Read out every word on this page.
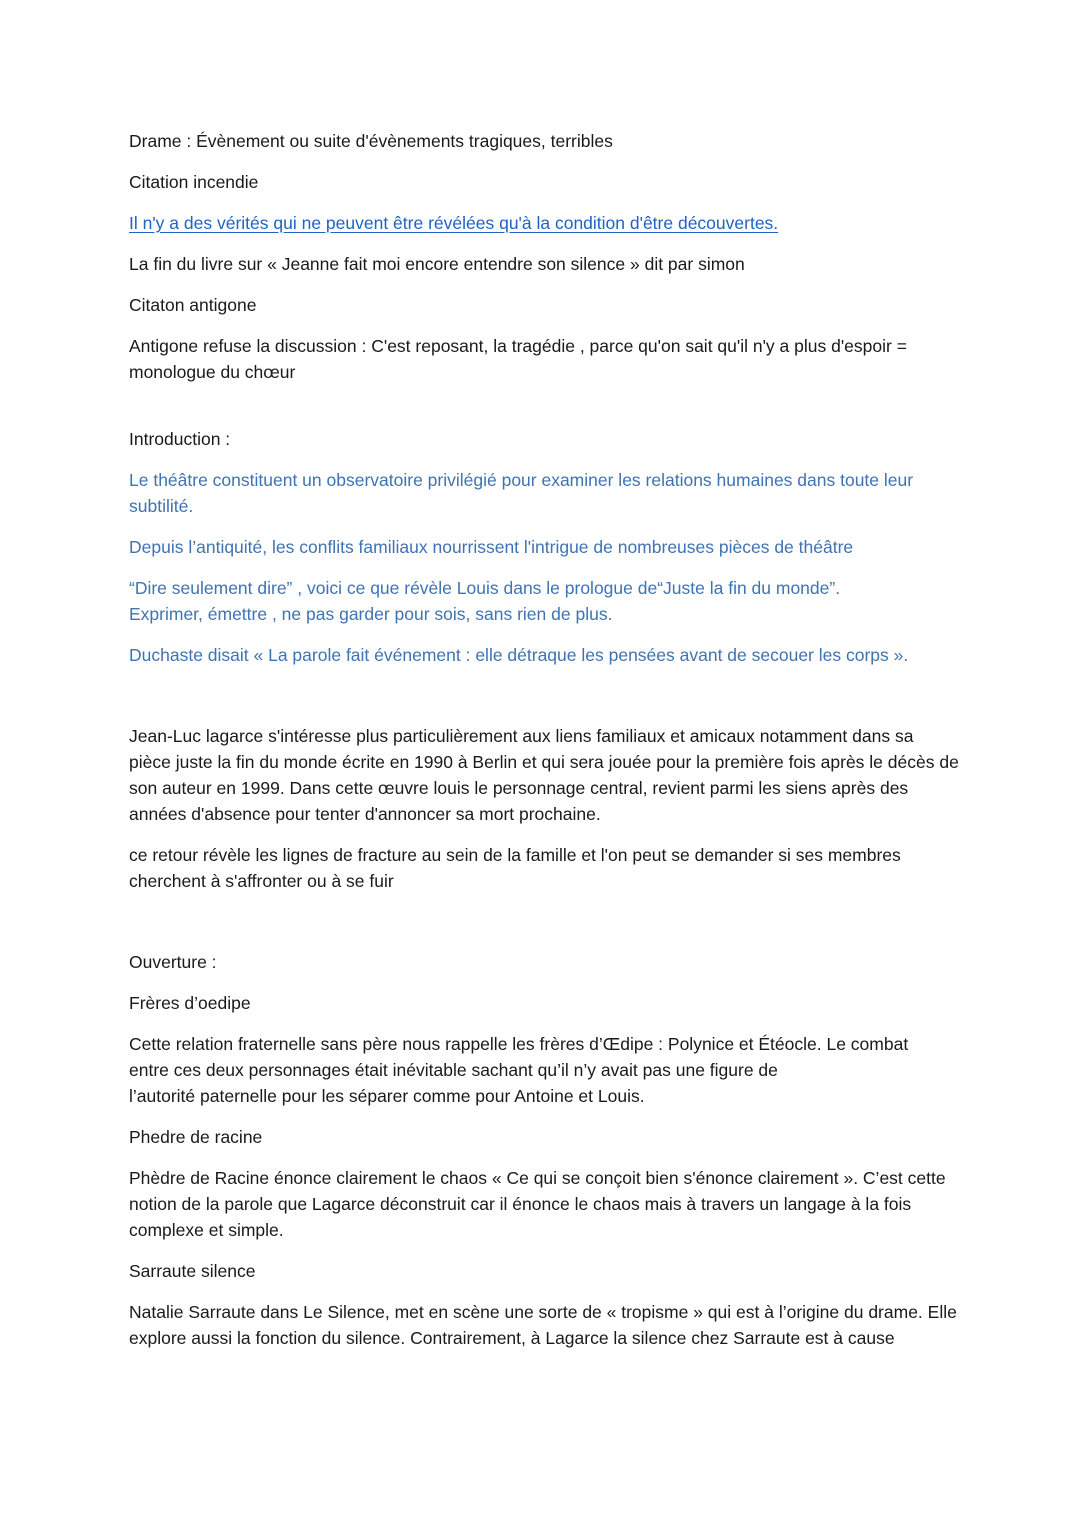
Drame : Évènement ou suite d'évènements tragiques, terribles

Citation incendie

Il n'y a des vérités qui ne peuvent être révélées qu'à la condition d'être découvertes.

La fin du livre sur « Jeanne fait moi encore entendre son silence » dit par simon

Citaton antigone

Antigone refuse la discussion : C'est reposant, la tragédie , parce qu'on sait qu'il n'y a plus d'espoir = monologue du chœur

Introduction :

Le théâtre constituent un observatoire privilégié pour examiner les relations humaines dans toute leur subtilité.

Depuis l’antiquité, les conflits familiaux nourrissent l'intrigue de nombreuses pièces de théâtre

“Dire seulement dire” , voici ce que révèle Louis dans le prologue de“Juste la fin du monde”.
Exprimer, émettre , ne pas garder pour sois, sans rien de plus.

Duchaste disait « La parole fait événement : elle détraque les pensées avant de secouer les corps ».

Jean-Luc lagarce s'intéresse plus particulièrement aux liens familiaux et amicaux notamment dans sa pièce juste la fin du monde écrite en 1990 à Berlin et qui sera jouée pour la première fois après le décès de son auteur en 1999. Dans cette œuvre louis le personnage central, revient parmi les siens après des années d'absence pour tenter d'annoncer sa mort prochaine.

ce retour révèle les lignes de fracture au sein de la famille et l'on peut se demander si ses membres cherchent à s'affronter ou à se fuir

Ouverture :

Frères d’oedipe

Cette relation fraternelle sans père nous rappelle les frères d’Œdipe : Polynice et Étéocle. Le combat
entre ces deux personnages était inévitable sachant qu’il n’y avait pas une figure de
l’autorité paternelle pour les séparer comme pour Antoine et Louis.

Phedre de racine

Phèdre de Racine énonce clairement le chaos « Ce qui se conçoit bien s'énonce clairement ». C’est cette notion de la parole que Lagarce déconstruit car il énonce le chaos mais à travers un langage à la fois complexe et simple.

Sarraute silence

Natalie Sarraute dans Le Silence, met en scène une sorte de « tropisme » qui est à l’origine du drame. Elle explore aussi la fonction du silence. Contrairement, à Lagarce la silence chez Sarraute est à cause
